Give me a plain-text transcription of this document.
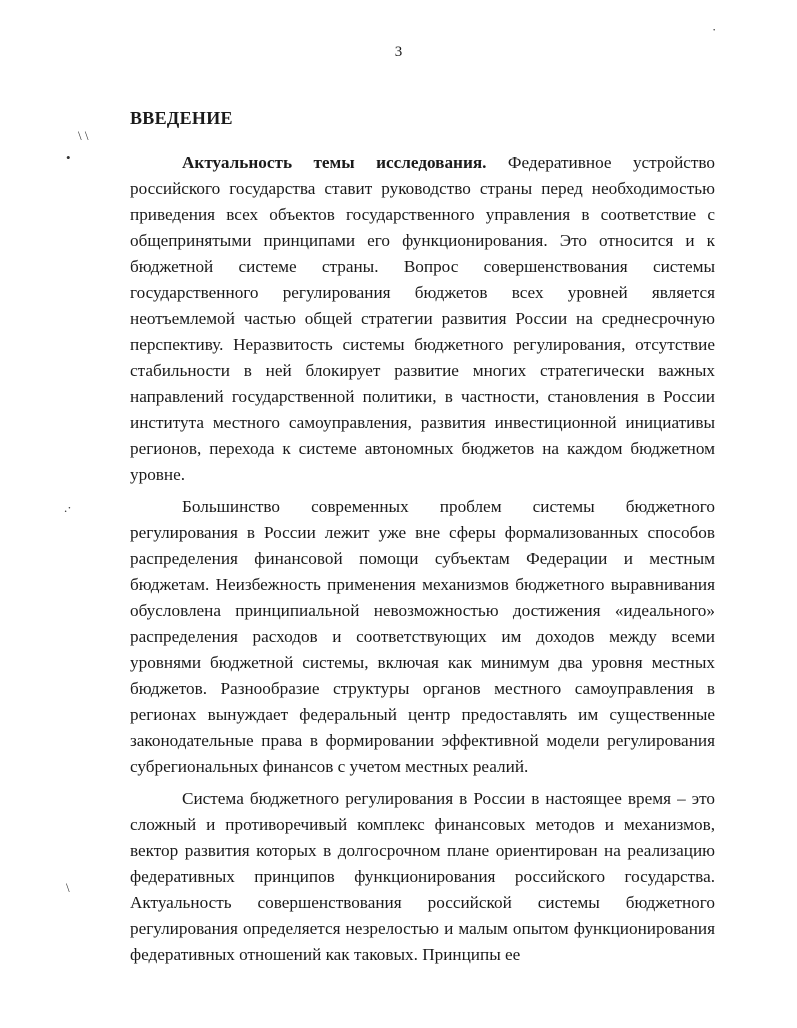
3
·
\ \
•
.·
\
ВВЕДЕНИЕ

Актуальность темы исследования. Федеративное устройство российского государства ставит руководство страны перед необходимостью приведения всех объектов государственного управления в соответствие с общепринятыми принципами его функционирования. Это относится и к бюджетной системе страны. Вопрос совершенствования системы государственного регулирования бюджетов всех уровней является неотъемлемой частью общей стратегии развития России на среднесрочную перспективу. Неразвитость системы бюджетного регулирования, отсутствие стабильности в ней блокирует развитие многих стратегически важных направлений государственной политики, в частности, становления в России института местного самоуправления, развития инвестиционной инициативы регионов, перехода к системе автономных бюджетов на каждом бюджетном уровне.

Большинство современных проблем системы бюджетного регулирования в России лежит уже вне сферы формализованных способов распределения финансовой помощи субъектам Федерации и местным бюджетам. Неизбежность применения механизмов бюджетного выравнивания обусловлена принципиальной невозможностью достижения «идеального» распределения расходов и соответствующих им доходов между всеми уровнями бюджетной системы, включая как минимум два уровня местных бюджетов. Разнообразие структуры органов местного самоуправления в регионах вынуждает федеральный центр предоставлять им существенные законодательные права в формировании эффективной модели регулирования субрегиональных финансов с учетом местных реалий.

Система бюджетного регулирования в России в настоящее время – это сложный и противоречивый комплекс финансовых методов и механизмов, вектор развития которых в долгосрочном плане ориентирован на реализацию федеративных принципов функционирования российского государства. Актуальность совершенствования российской системы бюджетного регулирования определяется незрелостью и малым опытом функционирования федеративных отношений как таковых. Принципы ее
